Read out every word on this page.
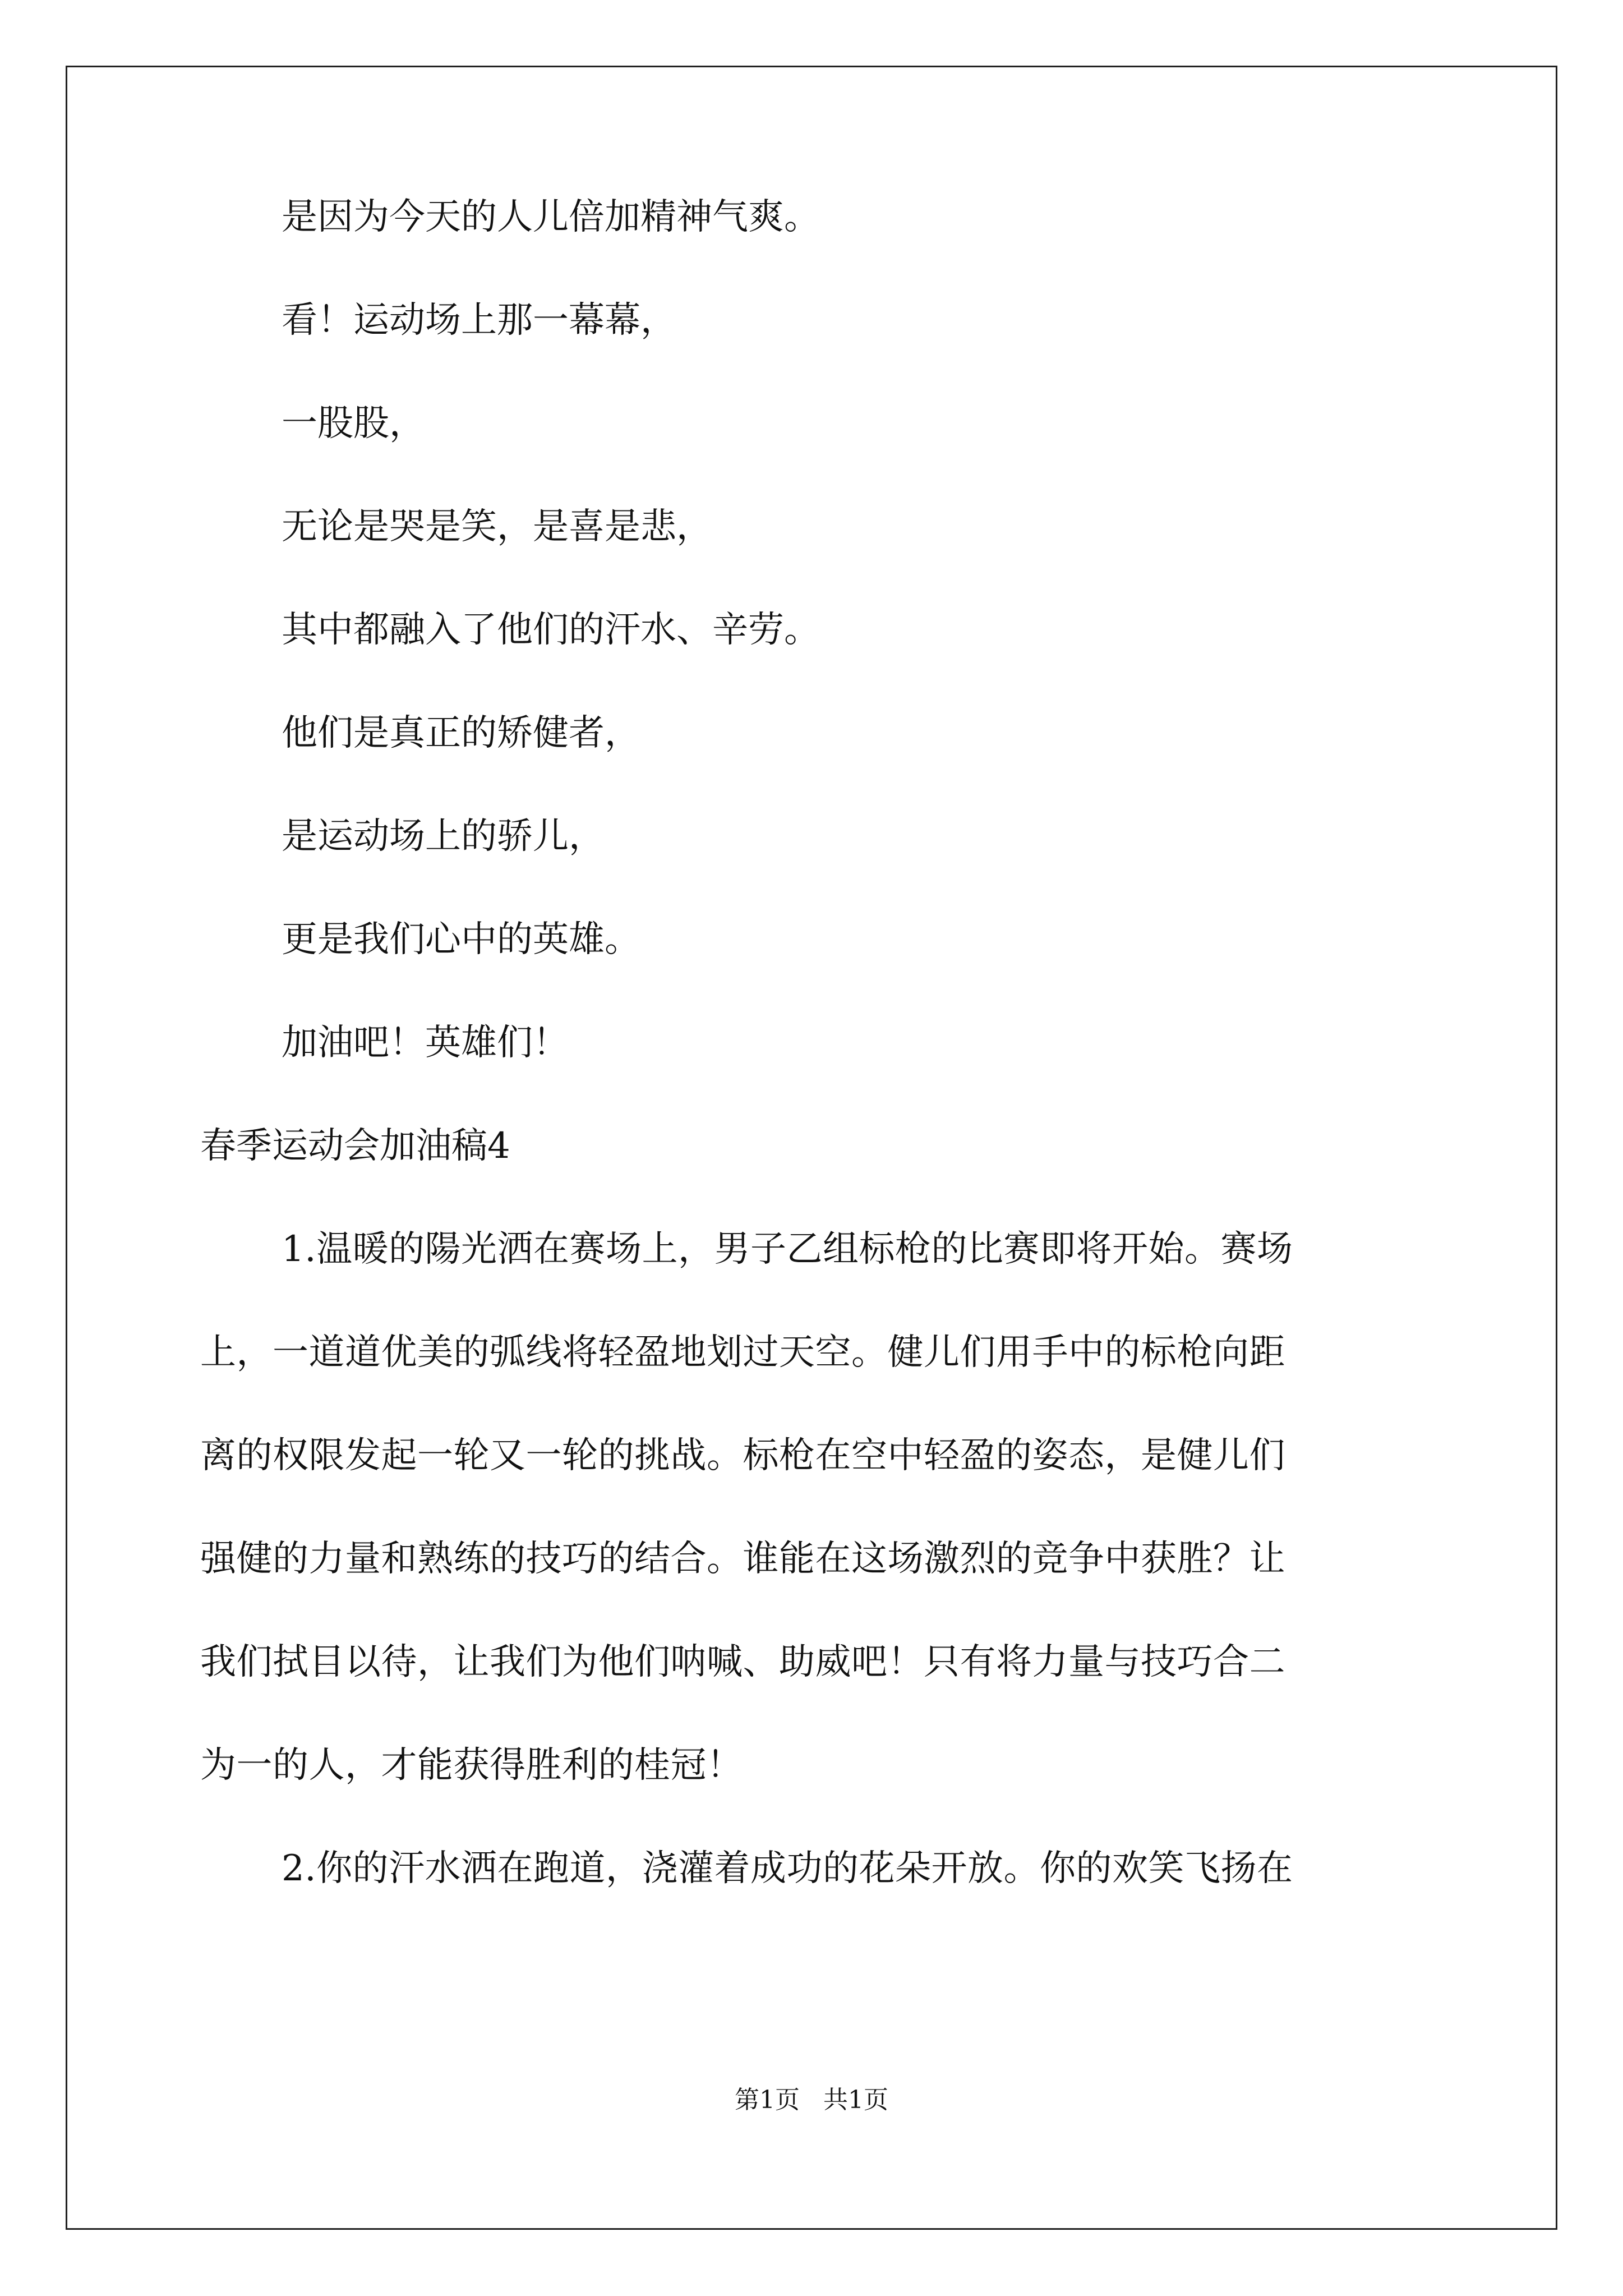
是因为今天的人儿倍加精神气爽。

看！运动场上那一幕幕，

一股股，

无论是哭是笑，是喜是悲，

其中都融入了他们的汗水、辛劳。

他们是真正的矫健者，

是运动场上的骄儿，

更是我们心中的英雄。

加油吧！英雄们！

春季运动会加油稿4

1.温暖的陽光洒在赛场上，男子乙组标枪的比赛即将开始。赛场

上，一道道优美的弧线将轻盈地划过天空。健儿们用手中的标枪向距

离的权限发起一轮又一轮的挑战。标枪在空中轻盈的姿态，是健儿们

强健的力量和熟练的技巧的结合。谁能在这场激烈的竞争中获胜？让

我们拭目以待，让我们为他们呐喊、助威吧！只有将力量与技巧合二

为一的人，才能获得胜利的桂冠！

2.你的汗水洒在跑道，浇灌着成功的花朵开放。你的欢笑飞扬在

第1页 共1页
